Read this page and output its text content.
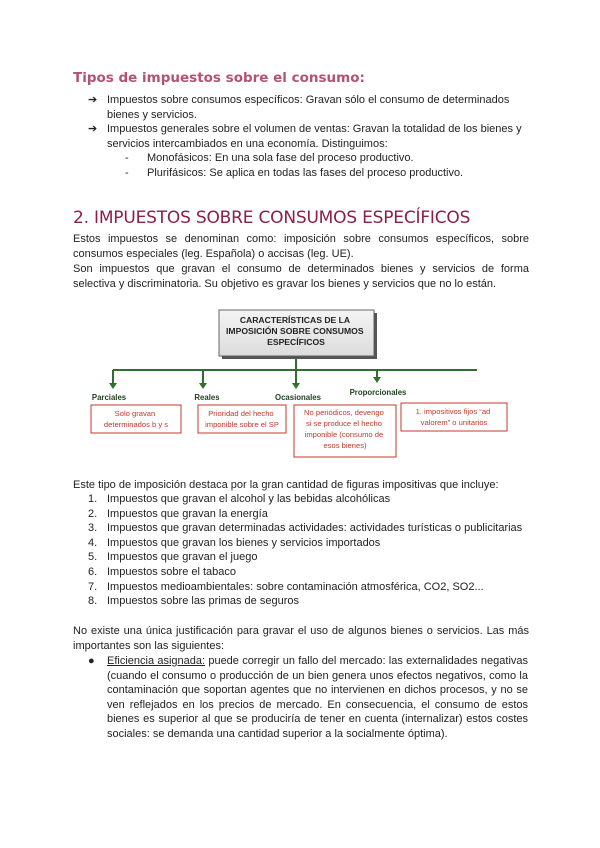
Tipos de impuestos sobre el consumo:
➔ Impuestos sobre consumos específicos: Gravan sólo el consumo de determinados bienes y servicios.
➔ Impuestos generales sobre el volumen de ventas: Gravan la totalidad de los bienes y servicios intercambiados en una economía. Distinguimos:
- Monofásicos: En una sola fase del proceso productivo.
- Plurifásicos: Se aplica en todas las fases del proceso productivo.
2. IMPUESTOS SOBRE CONSUMOS ESPECÍFICOS

Estos impuestos se denominan como: imposición sobre consumos específicos, sobre consumos especiales (leg. Española) o accisas (leg. UE).

Son impuestos que gravan el consumo de determinados bienes y servicios de forma selectiva y discriminatoria. Su objetivo es gravar los bienes y servicios que no lo están.

CARACTERÍSTICAS DE LA IMPOSICIÓN SOBRE CONSUMOS ESPECÍFICOS
Parciales	Reales	Ocasionales
Proporcionales
Solo gravan determinados b y s
Prioridad del hecho imponible sobre el SP
No periódicos, devengo si se produce el hecho imponible (consumo de esos bienes)
1. impositivos fijos “ad valorem” o unitarios

Este tipo de imposición destaca por la gran cantidad de figuras impositivas que incluye:

1. Impuestos que gravan el alcohol y las bebidas alcohólicas
2. Impuestos que gravan la energía
3. Impuestos que gravan determinadas actividades: actividades turísticas o publicitarias
4. Impuestos que gravan los bienes y servicios importados
5. Impuestos que gravan el juego
6. Impuestos sobre el tabaco
7. Impuestos medioambientales: sobre contaminación atmosférica, CO2, SO2...
8. Impuestos sobre las primas de seguros

No existe una única justificación para gravar el uso de algunos bienes o servicios. Las más importantes son las siguientes:

● Eficiencia asignada: puede corregir un fallo del mercado: las externalidades negativas (cuando el consumo o producción de un bien genera unos efectos negativos, como la contaminación que soportan agentes que no intervienen en dichos procesos, y no se ven reflejados en los precios de mercado. En consecuencia, el consumo de estos bienes es superior al que se produciría de tener en cuenta (internalizar) estos costes sociales: se demanda una cantidad superior a la socialmente óptima).
